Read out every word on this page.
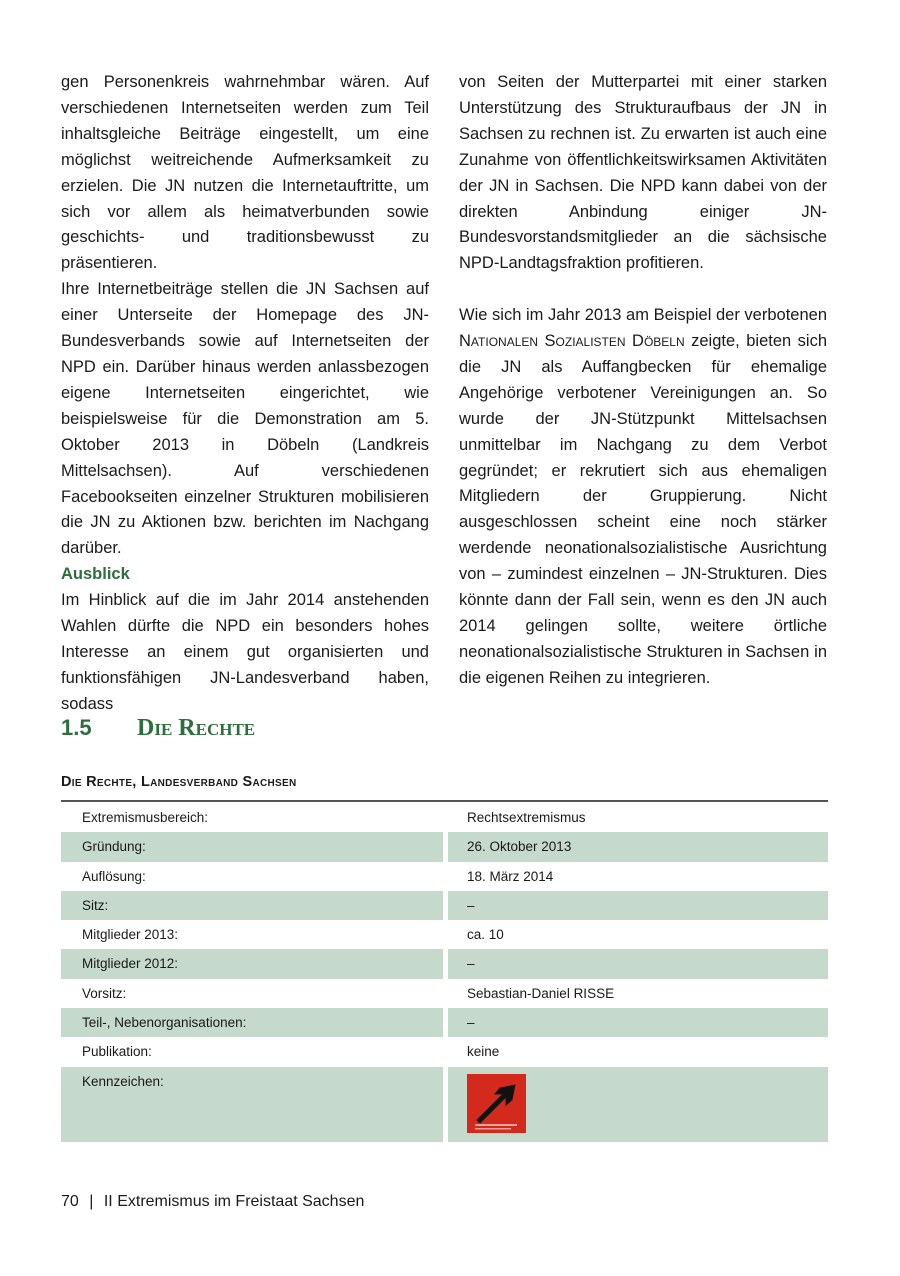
gen Personenkreis wahrnehmbar wären. Auf verschiedenen Internetseiten werden zum Teil inhaltsgleiche Beiträge eingestellt, um eine möglichst weitreichende Aufmerksamkeit zu erzielen. Die JN nutzen die Internetauftritte, um sich vor allem als heimatverbunden sowie geschichts- und traditionsbewusst zu präsentieren.

Ihre Internetbeiträge stellen die JN Sachsen auf einer Unterseite der Homepage des JN-Bundesverbands sowie auf Internetseiten der NPD ein. Darüber hinaus werden anlassbezogen eigene Internetseiten eingerichtet, wie beispielsweise für die Demonstration am 5. Oktober 2013 in Döbeln (Landkreis Mittelsachsen). Auf verschiedenen Facebookseiten einzelner Strukturen mobilisieren die JN zu Aktionen bzw. berichten im Nachgang darüber.

Ausblick

Im Hinblick auf die im Jahr 2014 anstehenden Wahlen dürfte die NPD ein besonders hohes Interesse an einem gut organisierten und funktionsfähigen JN-Landesverband haben, sodass

von Seiten der Mutterpartei mit einer starken Unterstützung des Strukturaufbaus der JN in Sachsen zu rechnen ist. Zu erwarten ist auch eine Zunahme von öffentlichkeitswirksamen Aktivitäten der JN in Sachsen. Die NPD kann dabei von der direkten Anbindung einiger JN-Bundesvorstandsmitglieder an die sächsische NPD-Landtagsfraktion profitieren.

Wie sich im Jahr 2013 am Beispiel der verbotenen Nationalen Sozialisten Döbeln zeigte, bieten sich die JN als Auffangbecken für ehemalige Angehörige verbotener Vereinigungen an. So wurde der JN-Stützpunkt Mittelsachsen unmittelbar im Nachgang zu dem Verbot gegründet; er rekrutiert sich aus ehemaligen Mitgliedern der Gruppierung. Nicht ausgeschlossen scheint eine noch stärker werdende neonationalsozialistische Ausrichtung von – zumindest einzelnen – JN-Strukturen. Dies könnte dann der Fall sein, wenn es den JN auch 2014 gelingen sollte, weitere örtliche neonationalsozialistische Strukturen in Sachsen in die eigenen Reihen zu integrieren.

1.5 Die Rechte
Die Rechte, Landesverband Sachsen
Extremismusbereich:	Rechtsextremismus
Gründung:	26. Oktober 2013
Auflösung:	18. März 2014
Sitz:	–
Mitglieder 2013:	ca. 10
Mitglieder 2012:	–
Vorsitz:	Sebastian-Daniel RISSE
Teil-, Nebenorganisationen:	–
Publikation:	keine
Kennzeichen:
70 | II Extremismus im Freistaat Sachsen
